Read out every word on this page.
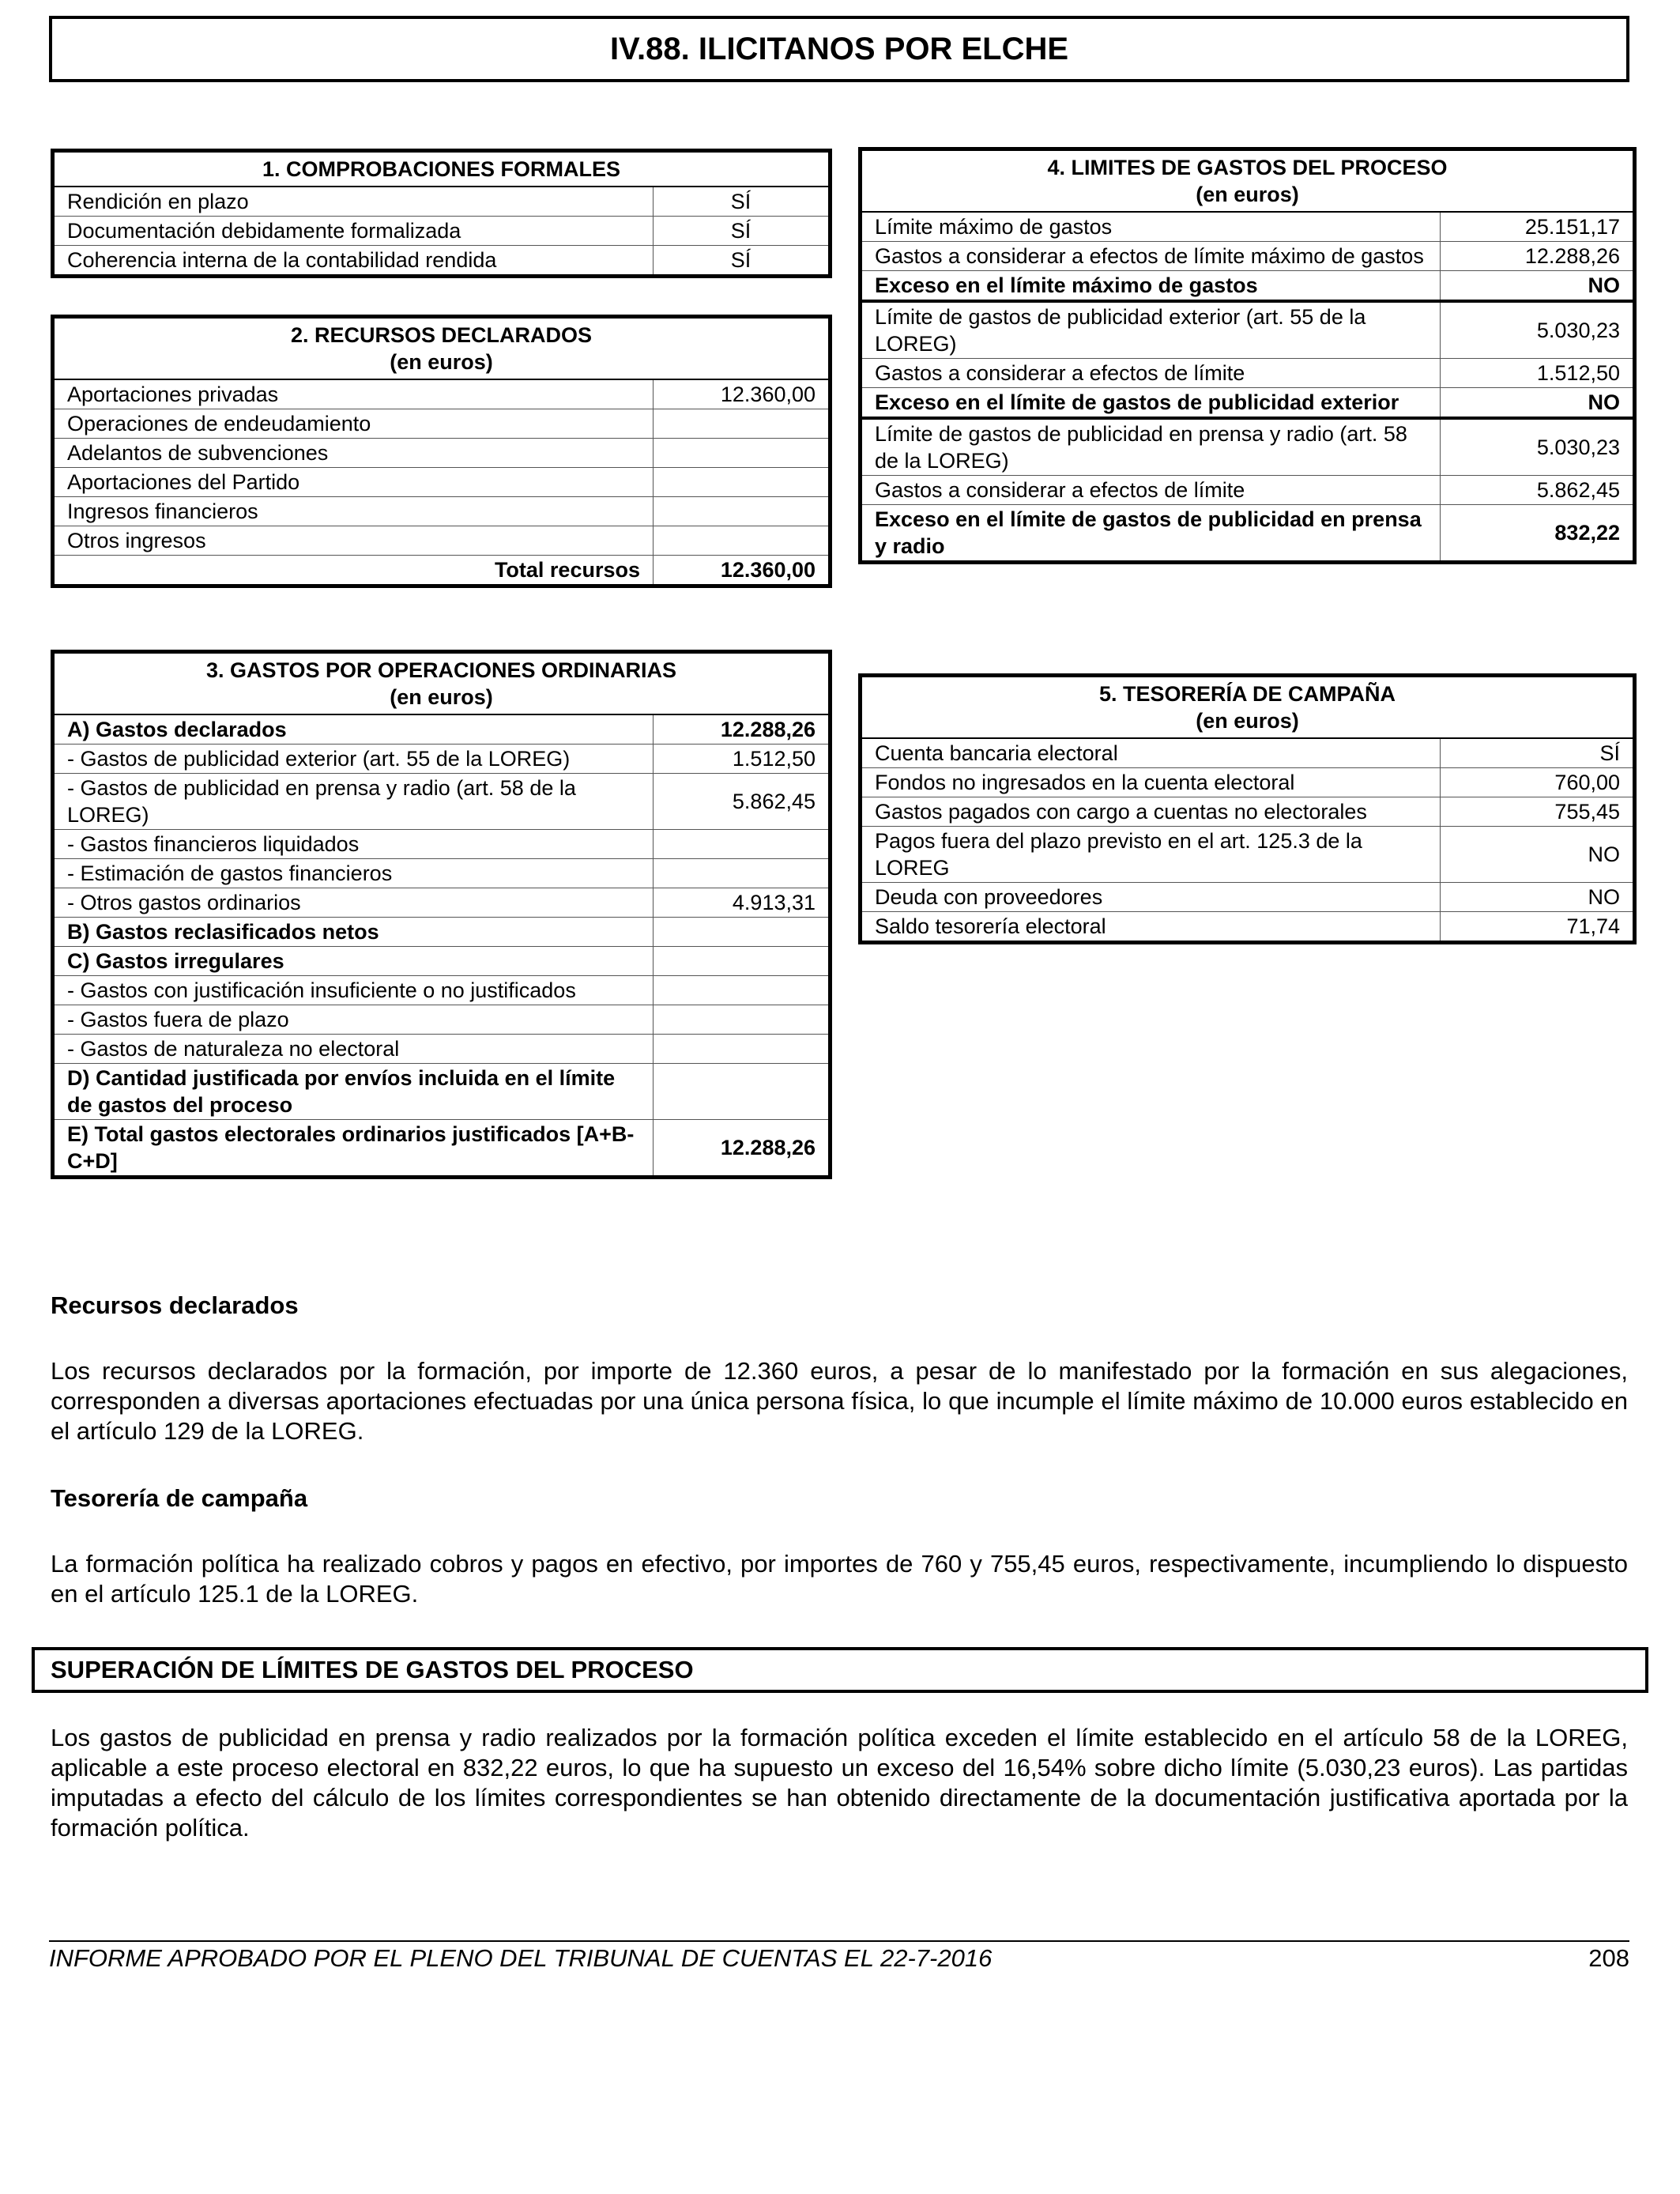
IV.88. ILICITANOS POR ELCHE
1. COMPROBACIONES FORMALES	
Rendición en plazo	SÍ
Documentación debidamente formalizada	SÍ
Coherencia interna de la contabilidad rendida	SÍ
2. RECURSOS DECLARADOS
(en euros)	
Aportaciones privadas	12.360,00
Operaciones de endeudamiento	
Adelantos de subvenciones	
Aportaciones del Partido	
Ingresos financieros	
Otros ingresos	
Total recursos	12.360,00
3. GASTOS POR OPERACIONES ORDINARIAS
(en euros)	
A) Gastos declarados	12.288,26
- Gastos de publicidad exterior (art. 55 de la LOREG)	1.512,50
- Gastos de publicidad en prensa y radio (art. 58 de la LOREG)	5.862,45
- Gastos financieros liquidados	
- Estimación de gastos financieros	
- Otros gastos ordinarios	4.913,31
B) Gastos reclasificados netos	
C) Gastos irregulares	
- Gastos con justificación insuficiente o no justificados	
- Gastos fuera de plazo	
- Gastos de naturaleza no electoral	
D) Cantidad justificada por envíos incluida en el límite de gastos del proceso	
E) Total gastos electorales ordinarios justificados [A+B-C+D]	12.288,26
4. LIMITES DE GASTOS DEL PROCESO
(en euros)	
Límite máximo de gastos	25.151,17
Gastos a considerar a efectos de límite máximo de gastos	12.288,26
Exceso en el límite máximo de gastos	NO
Límite de gastos de publicidad exterior (art. 55 de la LOREG)	5.030,23
Gastos a considerar a efectos de límite	1.512,50
Exceso en el límite de gastos de publicidad exterior	NO
Límite de gastos de publicidad en prensa y radio (art. 58 de la LOREG)	5.030,23
Gastos a considerar a efectos de límite	5.862,45
Exceso en el límite de gastos de publicidad en prensa y radio	832,22
5. TESORERÍA DE CAMPAÑA
(en euros)	
Cuenta bancaria electoral	SÍ
Fondos no ingresados en la cuenta electoral	760,00
Gastos pagados con cargo a cuentas no electorales	755,45
Pagos fuera del plazo previsto en el art. 125.3 de la LOREG	NO
Deuda con proveedores	NO
Saldo tesorería electoral	71,74
Recursos declarados
Los recursos declarados por la formación, por importe de 12.360 euros, a pesar de lo manifestado por la formación en sus alegaciones, corresponden a diversas aportaciones efectuadas por una única persona física, lo que incumple el límite máximo de 10.000 euros establecido en el artículo 129 de la LOREG.
Tesorería de campaña
La formación política ha realizado cobros y pagos en efectivo, por importes de 760 y 755,45 euros, respectivamente, incumpliendo lo dispuesto en el artículo 125.1 de la LOREG.
SUPERACIÓN DE LÍMITES DE GASTOS DEL PROCESO
Los gastos de publicidad en prensa y radio realizados por la formación política exceden el límite establecido en el artículo 58 de la LOREG, aplicable a este proceso electoral en 832,22 euros, lo que ha supuesto un exceso del 16,54% sobre dicho límite (5.030,23 euros). Las partidas imputadas a efecto del cálculo de los límites correspondientes se han obtenido directamente de la documentación justificativa aportada por la formación política.
INFORME APROBADO POR EL PLENO DEL TRIBUNAL DE CUENTAS EL 22-7-2016	208
